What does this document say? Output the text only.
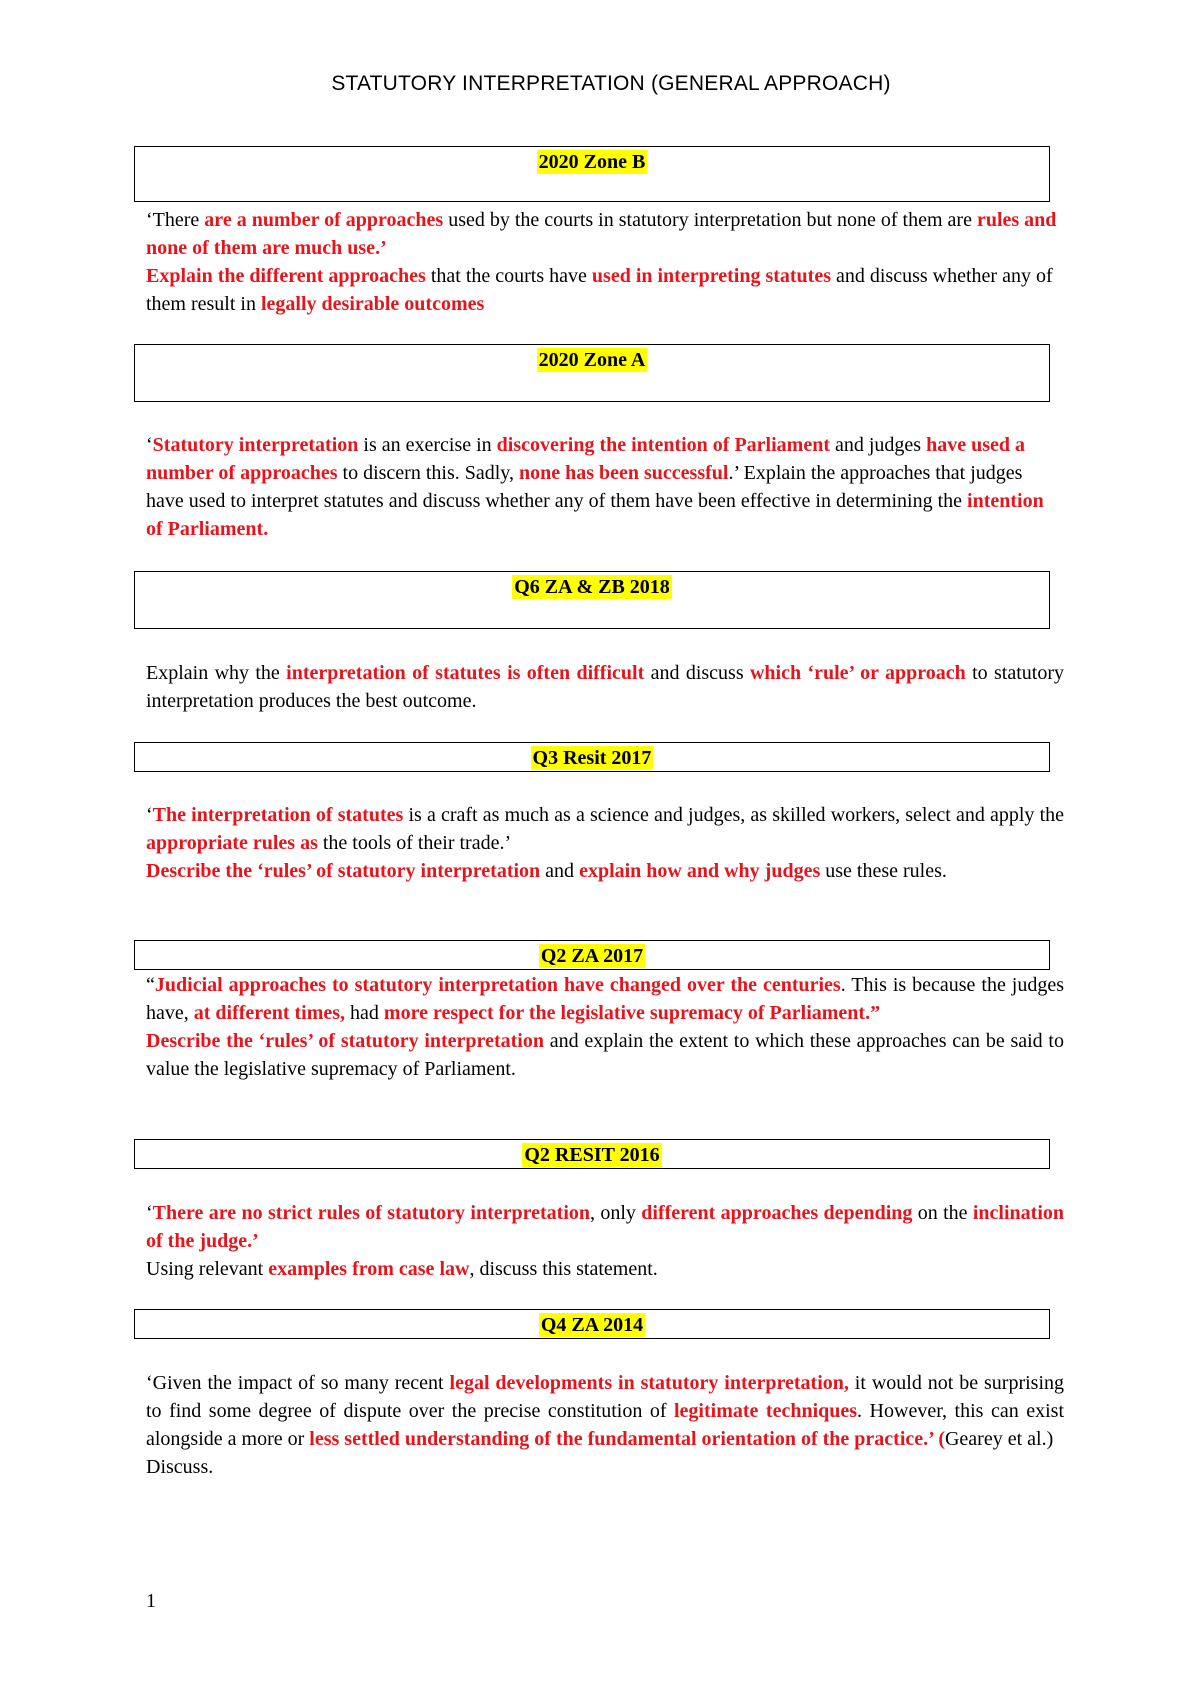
STATUTORY INTERPRETATION (GENERAL APPROACH)
2020 Zone B
‘There are a number of approaches used by the courts in statutory interpretation but none of them are rules and none of them are much use.’
Explain the different approaches that the courts have used in interpreting statutes and discuss whether any of them result in legally desirable outcomes
2020 Zone A
‘Statutory interpretation is an exercise in discovering the intention of Parliament and judges have used a number of approaches to discern this. Sadly, none has been successful.’ Explain the approaches that judges have used to interpret statutes and discuss whether any of them have been effective in determining the intention of Parliament.
Q6 ZA & ZB 2018
Explain why the interpretation of statutes is often difficult and discuss which ‘rule’ or approach to statutory interpretation produces the best outcome.
Q3 Resit 2017
‘The interpretation of statutes is a craft as much as a science and judges, as skilled workers, select and apply the appropriate rules as the tools of their trade.’
Describe the ‘rules’ of statutory interpretation and explain how and why judges use these rules.
Q2 ZA 2017
“Judicial approaches to statutory interpretation have changed over the centuries. This is because the judges have, at different times, had more respect for the legislative supremacy of Parliament.”
Describe the ‘rules’ of statutory interpretation and explain the extent to which these approaches can be said to value the legislative supremacy of Parliament.
Q2 RESIT 2016
‘There are no strict rules of statutory interpretation, only different approaches depending on the inclination of the judge.’
Using relevant examples from case law, discuss this statement.
Q4 ZA 2014
‘Given the impact of so many recent legal developments in statutory interpretation, it would not be surprising to find some degree of dispute over the precise constitution of legitimate techniques. However, this can exist alongside a more or less settled understanding of the fundamental orientation of the practice.’ (Gearey et al.)
Discuss.
1
